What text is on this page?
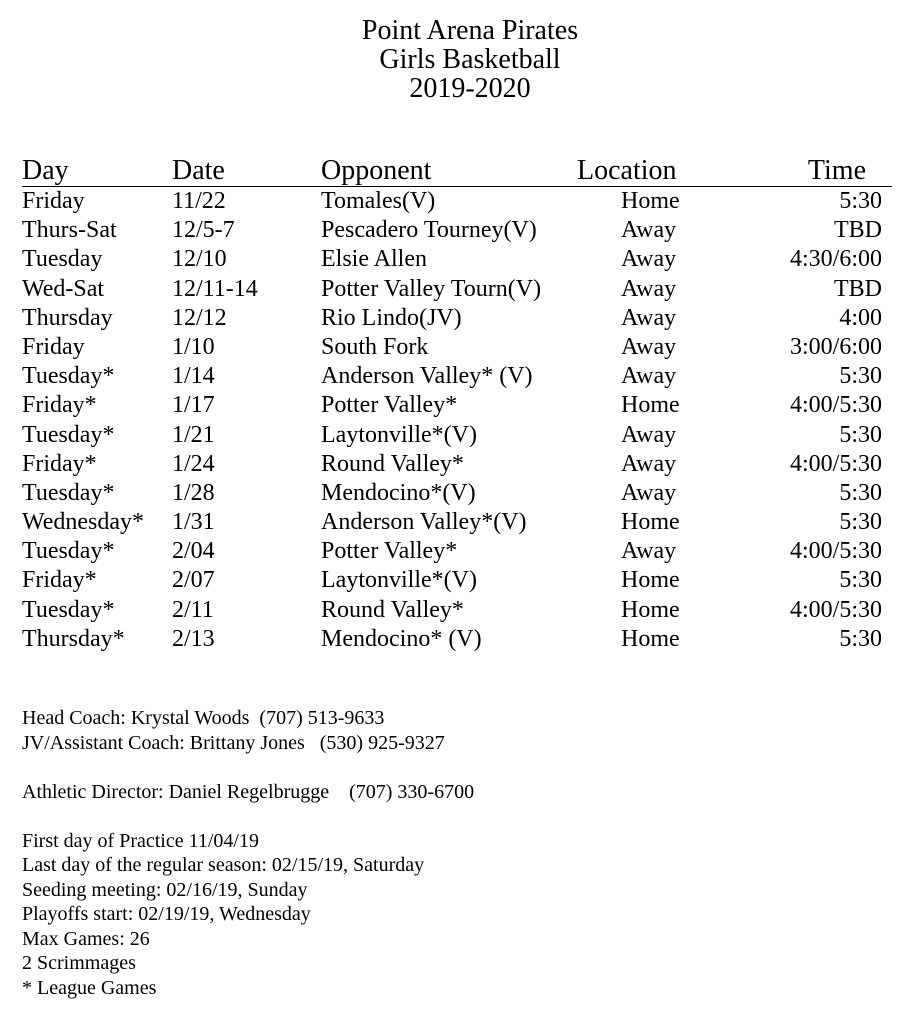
Point Arena Pirates
Girls Basketball
2019-2020
Day	Date	Opponent	Location	Time
Friday	11/22	Tomales(V)	Home	5:30
Thurs-Sat 12/5-7	Pescadero Tourney(V)	Away	TBD
Tuesday	12/10	Elsie Allen	Away	4:30/6:00
Wed-Sat	12/11-14	Potter Valley Tourn(V)	Away	TBD
Thursday 12/12	Rio Lindo(JV)	Away	4:00
Friday	1/10	South Fork	Away	3:00/6:00
Tuesday* 1/14	Anderson Valley* (V)	Away	5:30
Friday*	1/17	Potter Valley*	Home	4:00/5:30
Tuesday* 1/21	Laytonville*(V)	Away	5:30
Friday*	1/24	Round Valley*	Away	4:00/5:30
Tuesday* 1/28	Mendocino*(V)	Away	5:30
Wednesday* 1/31	Anderson Valley*(V)	Home	5:30
Tuesday* 2/04	Potter Valley*	Away	4:00/5:30
Friday*	2/07	Laytonville*(V)	Home	5:30
Tuesday* 2/11	Round Valley*	Home	4:00/5:30
Thursday* 2/13	Mendocino* (V)	Home	5:30
Head Coach: Krystal Woods  (707) 513-9633
JV/Assistant Coach: Brittany Jones   (530) 925-9327
Athletic Director: Daniel Regelbrugge    (707) 330-6700
First day of Practice 11/04/19
Last day of the regular season: 02/15/19, Saturday
Seeding meeting: 02/16/19, Sunday
Playoffs start: 02/19/19, Wednesday
Max Games: 26
2 Scrimmages
* League Games
